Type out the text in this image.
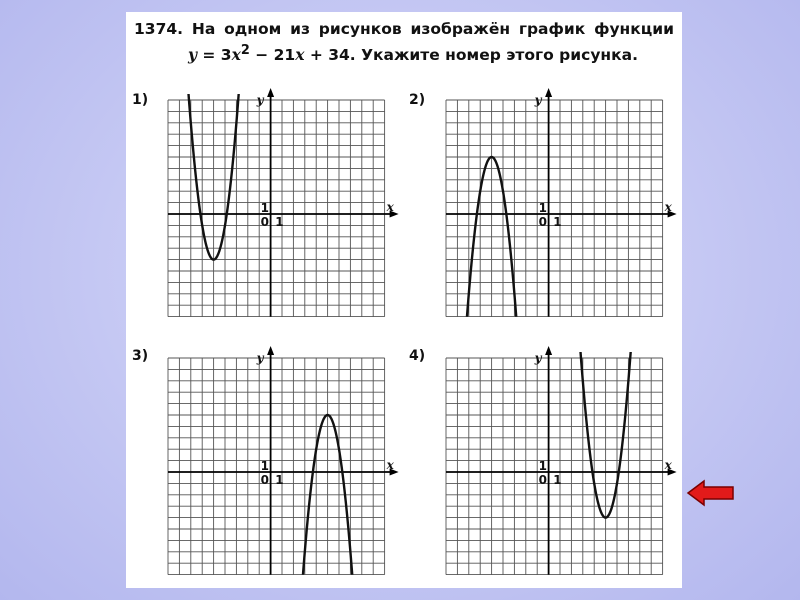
1374. На одном из рисунков изображён график функции
$y = 3x^2 - 21x + 34$. Укажите номер этого рисунка.
1)	2)
3)	4)
x
y
0 1
1	x
y
0 1
1
x
y
0 1
1	x
y
0 1
1
